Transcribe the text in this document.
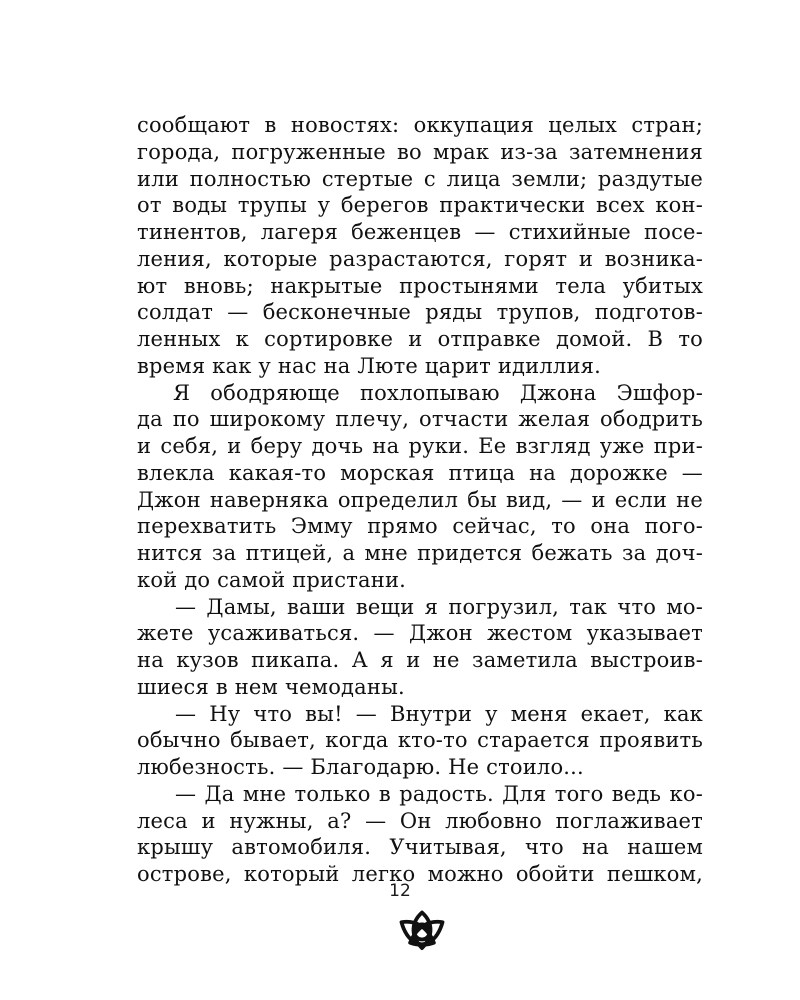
сообщают в новостях: оккупация целых стран;
города, погруженные во мрак из-за затемнения
или полностью стертые с лица земли; раздутые
от воды трупы у берегов практически всех кон-
тинентов, лагеря беженцев — стихийные посе-
ления, которые разрастаются, горят и возника-
ют вновь; накрытые простынями тела убитых
солдат — бесконечные ряды трупов, подготов-
ленных к сортировке и отправке домой. В то
время как у нас на Люте царит идиллия.
Я ободряюще похлопываю Джона Эшфор-
да по широкому плечу, отчасти желая ободрить
и себя, и беру дочь на руки. Ее взгляд уже при-
влекла какая-то морская птица на дорожке —
Джон наверняка определил бы вид, — и если не
перехватить Эмму прямо сейчас, то она пого-
нится за птицей, а мне придется бежать за доч-
кой до самой пристани.
— Дамы, ваши вещи я погрузил, так что мо-
жете усаживаться. — Джон жестом указывает
на кузов пикапа. А я и не заметила выстроив-
шиеся в нем чемоданы.
— Ну что вы! — Внутри у меня екает, как
обычно бывает, когда кто-то старается проявить
любезность. — Благодарю. Не стоило...
— Да мне только в радость. Для того ведь ко-
леса и нужны, а? — Он любовно поглаживает
крышу автомобиля. Учитывая, что на нашем
острове, который легко можно обойти пешком,
12
